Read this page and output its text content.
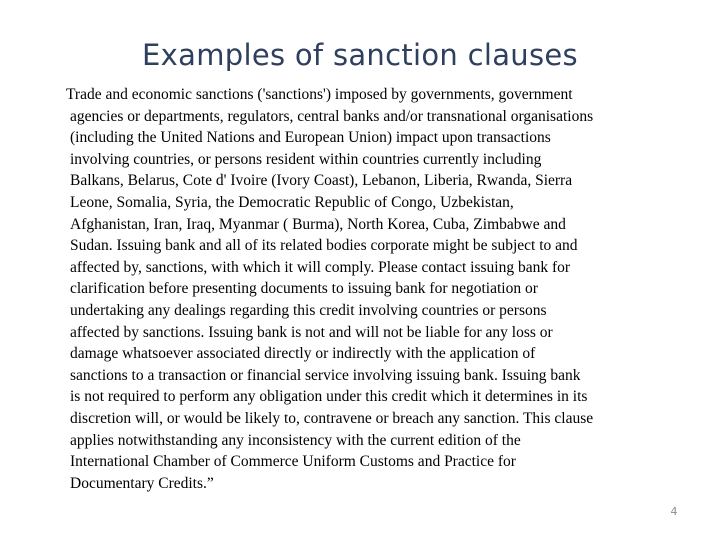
Examples of sanction clauses
Trade and economic sanctions ('sanctions') imposed by governments, government
agencies or departments, regulators, central banks and/or transnational organisations
(including the United Nations and European Union) impact upon transactions
involving countries, or persons resident within countries currently including
Balkans, Belarus, Cote d' Ivoire (Ivory Coast), Lebanon, Liberia, Rwanda, Sierra
Leone, Somalia, Syria, the Democratic Republic of Congo, Uzbekistan,
Afghanistan, Iran, Iraq, Myanmar ( Burma), North Korea, Cuba, Zimbabwe and
Sudan. Issuing bank and all of its related bodies corporate might be subject to and
affected by, sanctions, with which it will comply. Please contact issuing bank for
clarification before presenting documents to issuing bank for negotiation or
undertaking any dealings regarding this credit involving countries or persons
affected by sanctions. Issuing bank is not and will not be liable for any loss or
damage whatsoever associated directly or indirectly with the application of
sanctions to a transaction or financial service involving issuing bank. Issuing bank
is not required to perform any obligation under this credit which it determines in its
discretion will, or would be likely to, contravene or breach any sanction. This clause
applies notwithstanding any inconsistency with the current edition of the
International Chamber of Commerce Uniform Customs and Practice for
Documentary Credits.”
4
